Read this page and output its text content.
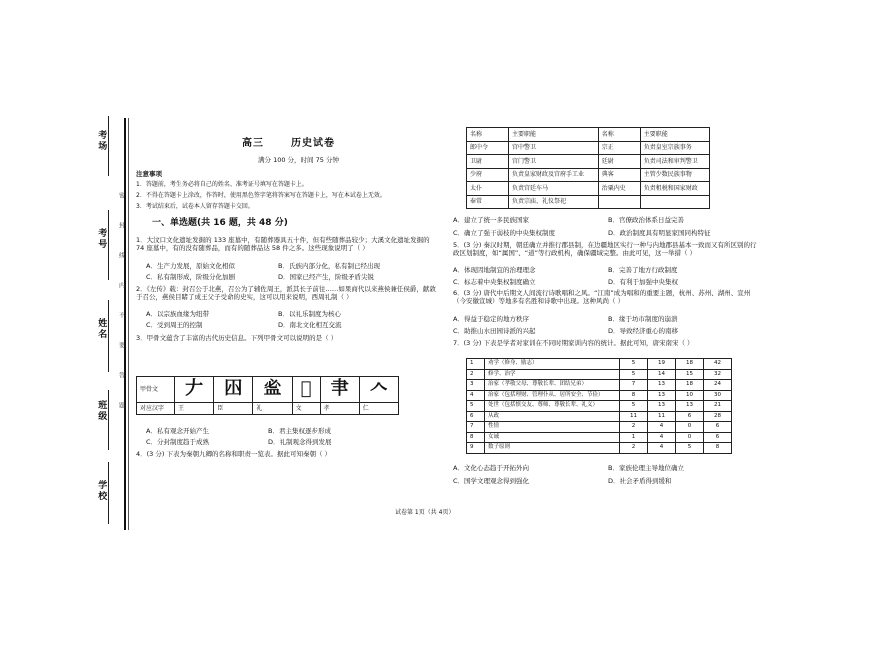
考场
考号
姓名
班级
学校
密
封
线
内
不
要
答
题
高三	历史试卷
满分 100 分，时间 75 分钟
注意事项
1．答题前，考生务必将自己的姓名、准考证号填写在答题卡上。
2．不得在答题卡上涂改，作答时，使用黑色签字笔将答案写在答题卡上，写在本试卷上无效。
3．考试结束后，试卷本人留存答题卡交回。
一、单选题(共 16 题，共 48 分)
1．大汶口文化遗址发掘的 133 座墓中，有随葬器具五十件，但有些随葬品较少；大溪文化遗址发掘的 74 座墓中，有的没有随葬品，而有的随葬品达 58 件之多。这些现象说明了（ ）
A．生产力发展，原始文化相似	B．氏族内部分化，私有制已经出现
C．私有制形成，阶级分化加剧	D．国家已经产生，阶级矛盾尖锐
2．《左传》载：封召公于北燕，召公为了辅佐周王，派其长子前往……如果商代以来燕侯兼任侯爵，献敦于召公，燕侯目睹了成王父子受命的史实，这可以用来说明，西周礼制（ ）
A．以宗族血缘为纽带	B．以礼乐制度为核心
C．受到周王的控制	D．南北文化相互交流
3．甲骨文蕴含了丰富的古代历史信息。下列甲骨文可以说明的是（ ）
甲骨文	𠂇	𡆧	𥁑	𢑚	𦘒	𠆢
对应汉字	王	臣	礼	文	孝	仁
A．私有观念开始产生	B．君主集权逐步形成
C．分封制度趋于成熟	D．礼制观念得到发展
4．(3 分) 下表为秦朝九卿的名称和职责一览表。据此可知秦朝（ ）
名称	主要职能	名称	主要职能
郎中令	宫中警卫	宗正	负责皇室宗族事务
卫尉	宫门警卫	廷尉	负责司法和审判警卫
少府	负责皇家财政及宫府手工业	典客	主管少数民族事物
太仆	负责宫廷车马	治粟内史	负责租税和国家财政
奉常	负责宗庙、礼仪祭祀		
A．建立了统一多民族国家	B．官僚政治体系日益完善
C．确立了强干弱枝的中央集权制度	D．政治制度具有明显家国同构特征
5．(3 分) 秦汉时期，朝廷确立并推行郡县制，在边疆地区实行一种与内地郡县基本一致而又有所区别的行政区划制度，如“属国”、“道”等行政机构，确保疆域完整。由此可见，这一举措（ ）
A．体现因地制宜的治理理念	B．完善了地方行政制度
C．标志着中央集权制度确立	D．有利于加强中央集权
6．(3 分) 唐代中后期文人间流行诗歌唱和之风。“江南”成为唱和的重要主题，杭州、苏州、湖州、宣州（今安徽宣城）等地多有名胜和诗歌中出现。这种风尚（ ）
A．得益于稳定的地方秩序	B．缘于坊市制度的崩溃
C．助推山水田园诗派的兴起	D．导致经济重心的南移
7．(3 分) 下表是学者对家训在不同时期家训内容的统计。据此可知，唐宋南宋（ ）
1	劝学（修身、励志）	5	19	18	42
2	修学、治学	5	14	15	32
3	治家（孝敬父母、尊敬长辈、团结兄弟）	7	13	18	24
4	治家（包括理财、管理仆从、居所安全、节俭）	8	13	10	30
5	处世（包括慎交友、尊师、尊敬长辈、礼义）	5	13	13	21
6	从政	11	11	6	28
7	性情	2	4	0	6
8	女诫	1	4	0	6
9	数子原则	2	4	5	8
A．文化心态趋于开拓外向	B．家族伦理主导地位确立
C．国学文理观念得到强化	D．社会矛盾得到缓和
试卷第 1页（共 4页）
